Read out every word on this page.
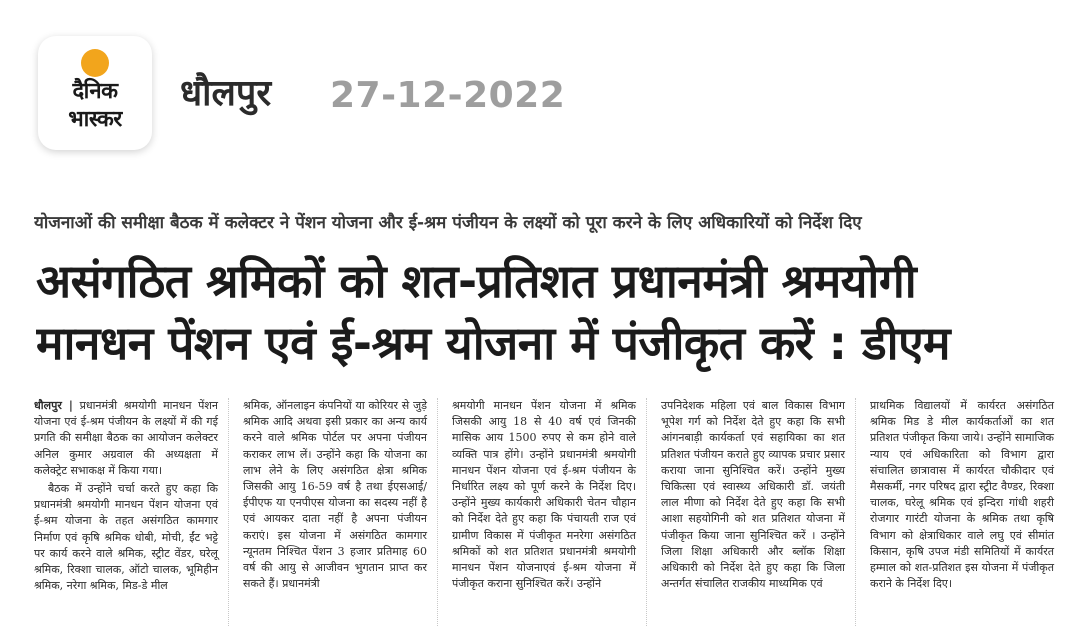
दैनिक
भास्कर
धौलपुर 27-12-2022
योजनाओं की समीक्षा बैठक में कलेक्टर ने पेंशन योजना और ई-श्रम पंजीयन के लक्ष्यों को पूरा करने के लिए अधिकारियों को निर्देश दिए
असंगठित श्रमिकों को शत-प्रतिशत प्रधानमंत्री श्रमयोगी
मानधन पेंशन एवं ई-श्रम योजना में पंजीकृत करें : डीएम

धौलपुर | प्रधानमंत्री श्रमयोगी मानधन पेंशन योजना एवं ई-श्रम पंजीयन के लक्ष्यों में की गई प्रगति की समीक्षा बैठक का आयोजन कलेक्टर अनिल कुमार अग्रवाल की अध्यक्षता में कलेक्ट्रेट सभाकक्ष में किया गया।

बैठक में उन्होंने चर्चा करते हुए कहा कि प्रधानमंत्री श्रमयोगी मानधन पेंशन योजना एवं ई-श्रम योजना के तहत असंगठित कामगार निर्माण एवं कृषि श्रमिक धोबी, मोची, ईंट भट्टे पर कार्य करने वाले श्रमिक, स्ट्रीट वेंडर, घरेलू श्रमिक, रिक्शा चालक, ऑटो चालक, भूमिहीन श्रमिक, नरेगा श्रमिक, मिड-डे मील

श्रमिक, ऑनलाइन कंपनियों या कोरियर से जुड़े श्रमिक आदि अथवा इसी प्रकार का अन्य कार्य करने वाले श्रमिक पोर्टल पर अपना पंजीयन कराकर लाभ लें। उन्होंने कहा कि योजना का लाभ लेने के लिए असंगठित क्षेत्रा श्रमिक जिसकी आयु 16-59 वर्ष है तथा ईएसआई/ईपीएफ या एनपीएस योजना का सदस्य नहीं है एवं आयकर दाता नहीं है अपना पंजीयन कराएं। इस योजना में असंगठित कामगार न्यूनतम निश्चित पेंशन 3 हजार प्रतिमाह 60 वर्ष की आयु से आजीवन भुगतान प्राप्त कर सकते हैं। प्रधानमंत्री

श्रमयोगी मानधन पेंशन योजना में श्रमिक जिसकी आयु 18 से 40 वर्ष एवं जिनकी मासिक आय 1500 रुपए से कम होने वाले व्यक्ति पात्र होंगे। उन्होंने प्रधानमंत्री श्रमयोगी मानधन पेंशन योजना एवं ई-श्रम पंजीयन के निर्धारित लक्ष्य को पूर्ण करने के निर्देश दिए। उन्होंने मुख्य कार्यकारी अधिकारी चेतन चौहान को निर्देश देते हुए कहा कि पंचायती राज एवं ग्रामीण विकास में पंजीकृत मनरेगा असंगठित श्रमिकों को शत प्रतिशत प्रधानमंत्री श्रमयोगी मानधन पेंशन योजनाएवं ई-श्रम योजना में पंजीकृत कराना सुनिश्चित करें। उन्होंने

उपनिदेशक महिला एवं बाल विकास विभाग भूपेश गर्ग को निर्देश देते हुए कहा कि सभी आंगनबाड़ी कार्यकर्ता एवं सहायिका का शत प्रतिशत पंजीयन कराते हुए व्यापक प्रचार प्रसार कराया जाना सुनिश्चित करें। उन्होंने मुख्य चिकित्सा एवं स्वास्थ्य अधिकारी डॉ. जयंती लाल मीणा को निर्देश देते हुए कहा कि सभी आशा सहयोगिनी को शत प्रतिशत योजना में पंजीकृत किया जाना सुनिश्चित करें । उन्होंने जिला शिक्षा अधिकारी और ब्लॉक शिक्षा अधिकारी को निर्देश देते हुए कहा कि जिला अन्तर्गत संचालित राजकीय माध्यमिक एवं

प्राथमिक विद्यालयों में कार्यरत असंगठित श्रमिक मिड डे मील कार्यकर्ताओं का शत प्रतिशत पंजीकृत किया जाये। उन्होंने सामाजिक न्याय एवं अधिकारिता को विभाग द्वारा संचालित छात्रावास में कार्यरत चौकीदार एवं मैसकर्मी, नगर परिषद द्वारा स्ट्रीट वैण्डर, रिक्शा चालक, घरेलू श्रमिक एवं इन्दिरा गांधी शहरी रोजगार गारंटी योजना के श्रमिक तथा कृषि विभाग को क्षेत्राधिकार वाले लघु एवं सीमांत किसान, कृषि उपज मंडी समितियों में कार्यरत हम्माल को शत-प्रतिशत इस योजना में पंजीकृत कराने के निर्देश दिए।
